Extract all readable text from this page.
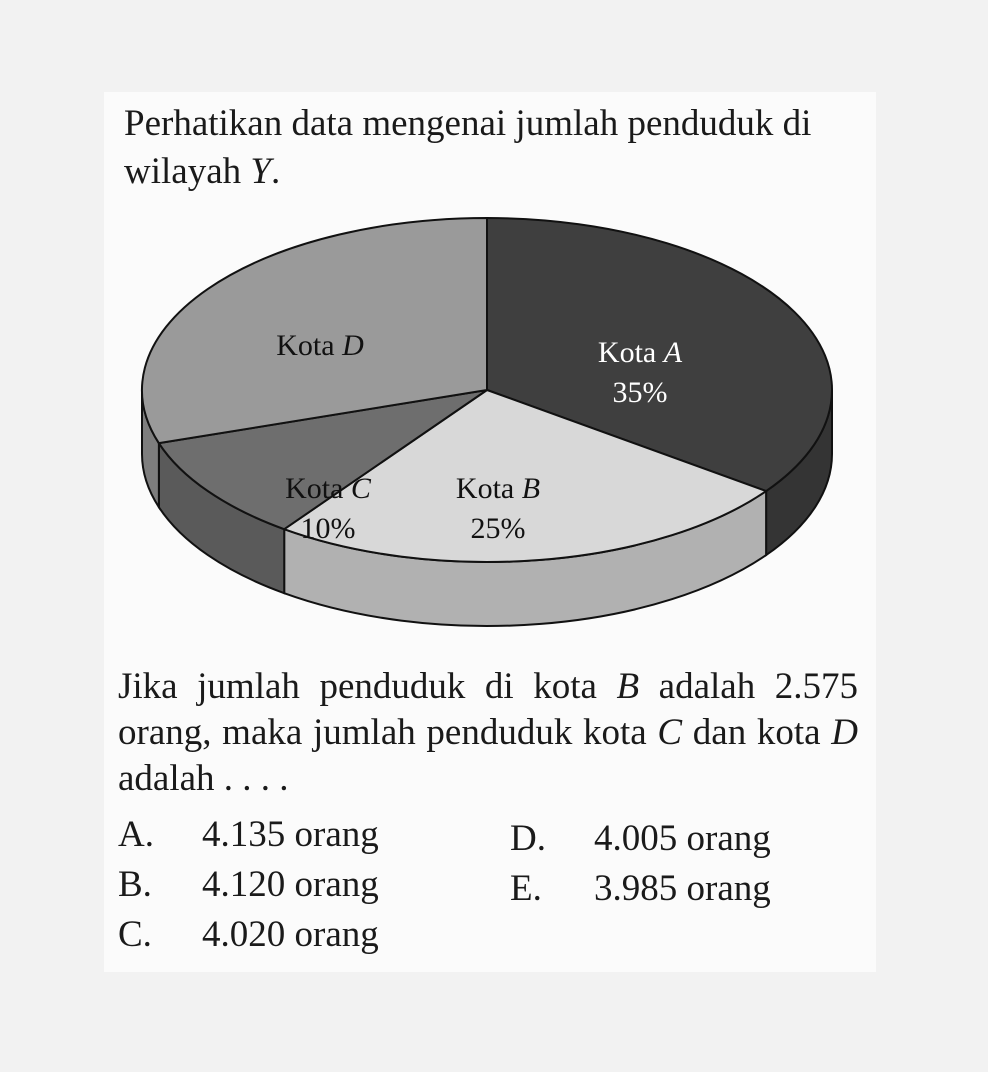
Perhatikan data mengenai jumlah penduduk di wilayah Y.
Kota A
35%
Kota B
25%
Kota C
10%
Kota D
Jika jumlah penduduk di kota B adalah 2.575 orang, maka jumlah penduduk kota C dan kota D adalah . . . .
A. 4.135 orang
B. 4.120 orang
C. 4.020 orang
D. 4.005 orang
E. 3.985 orang
